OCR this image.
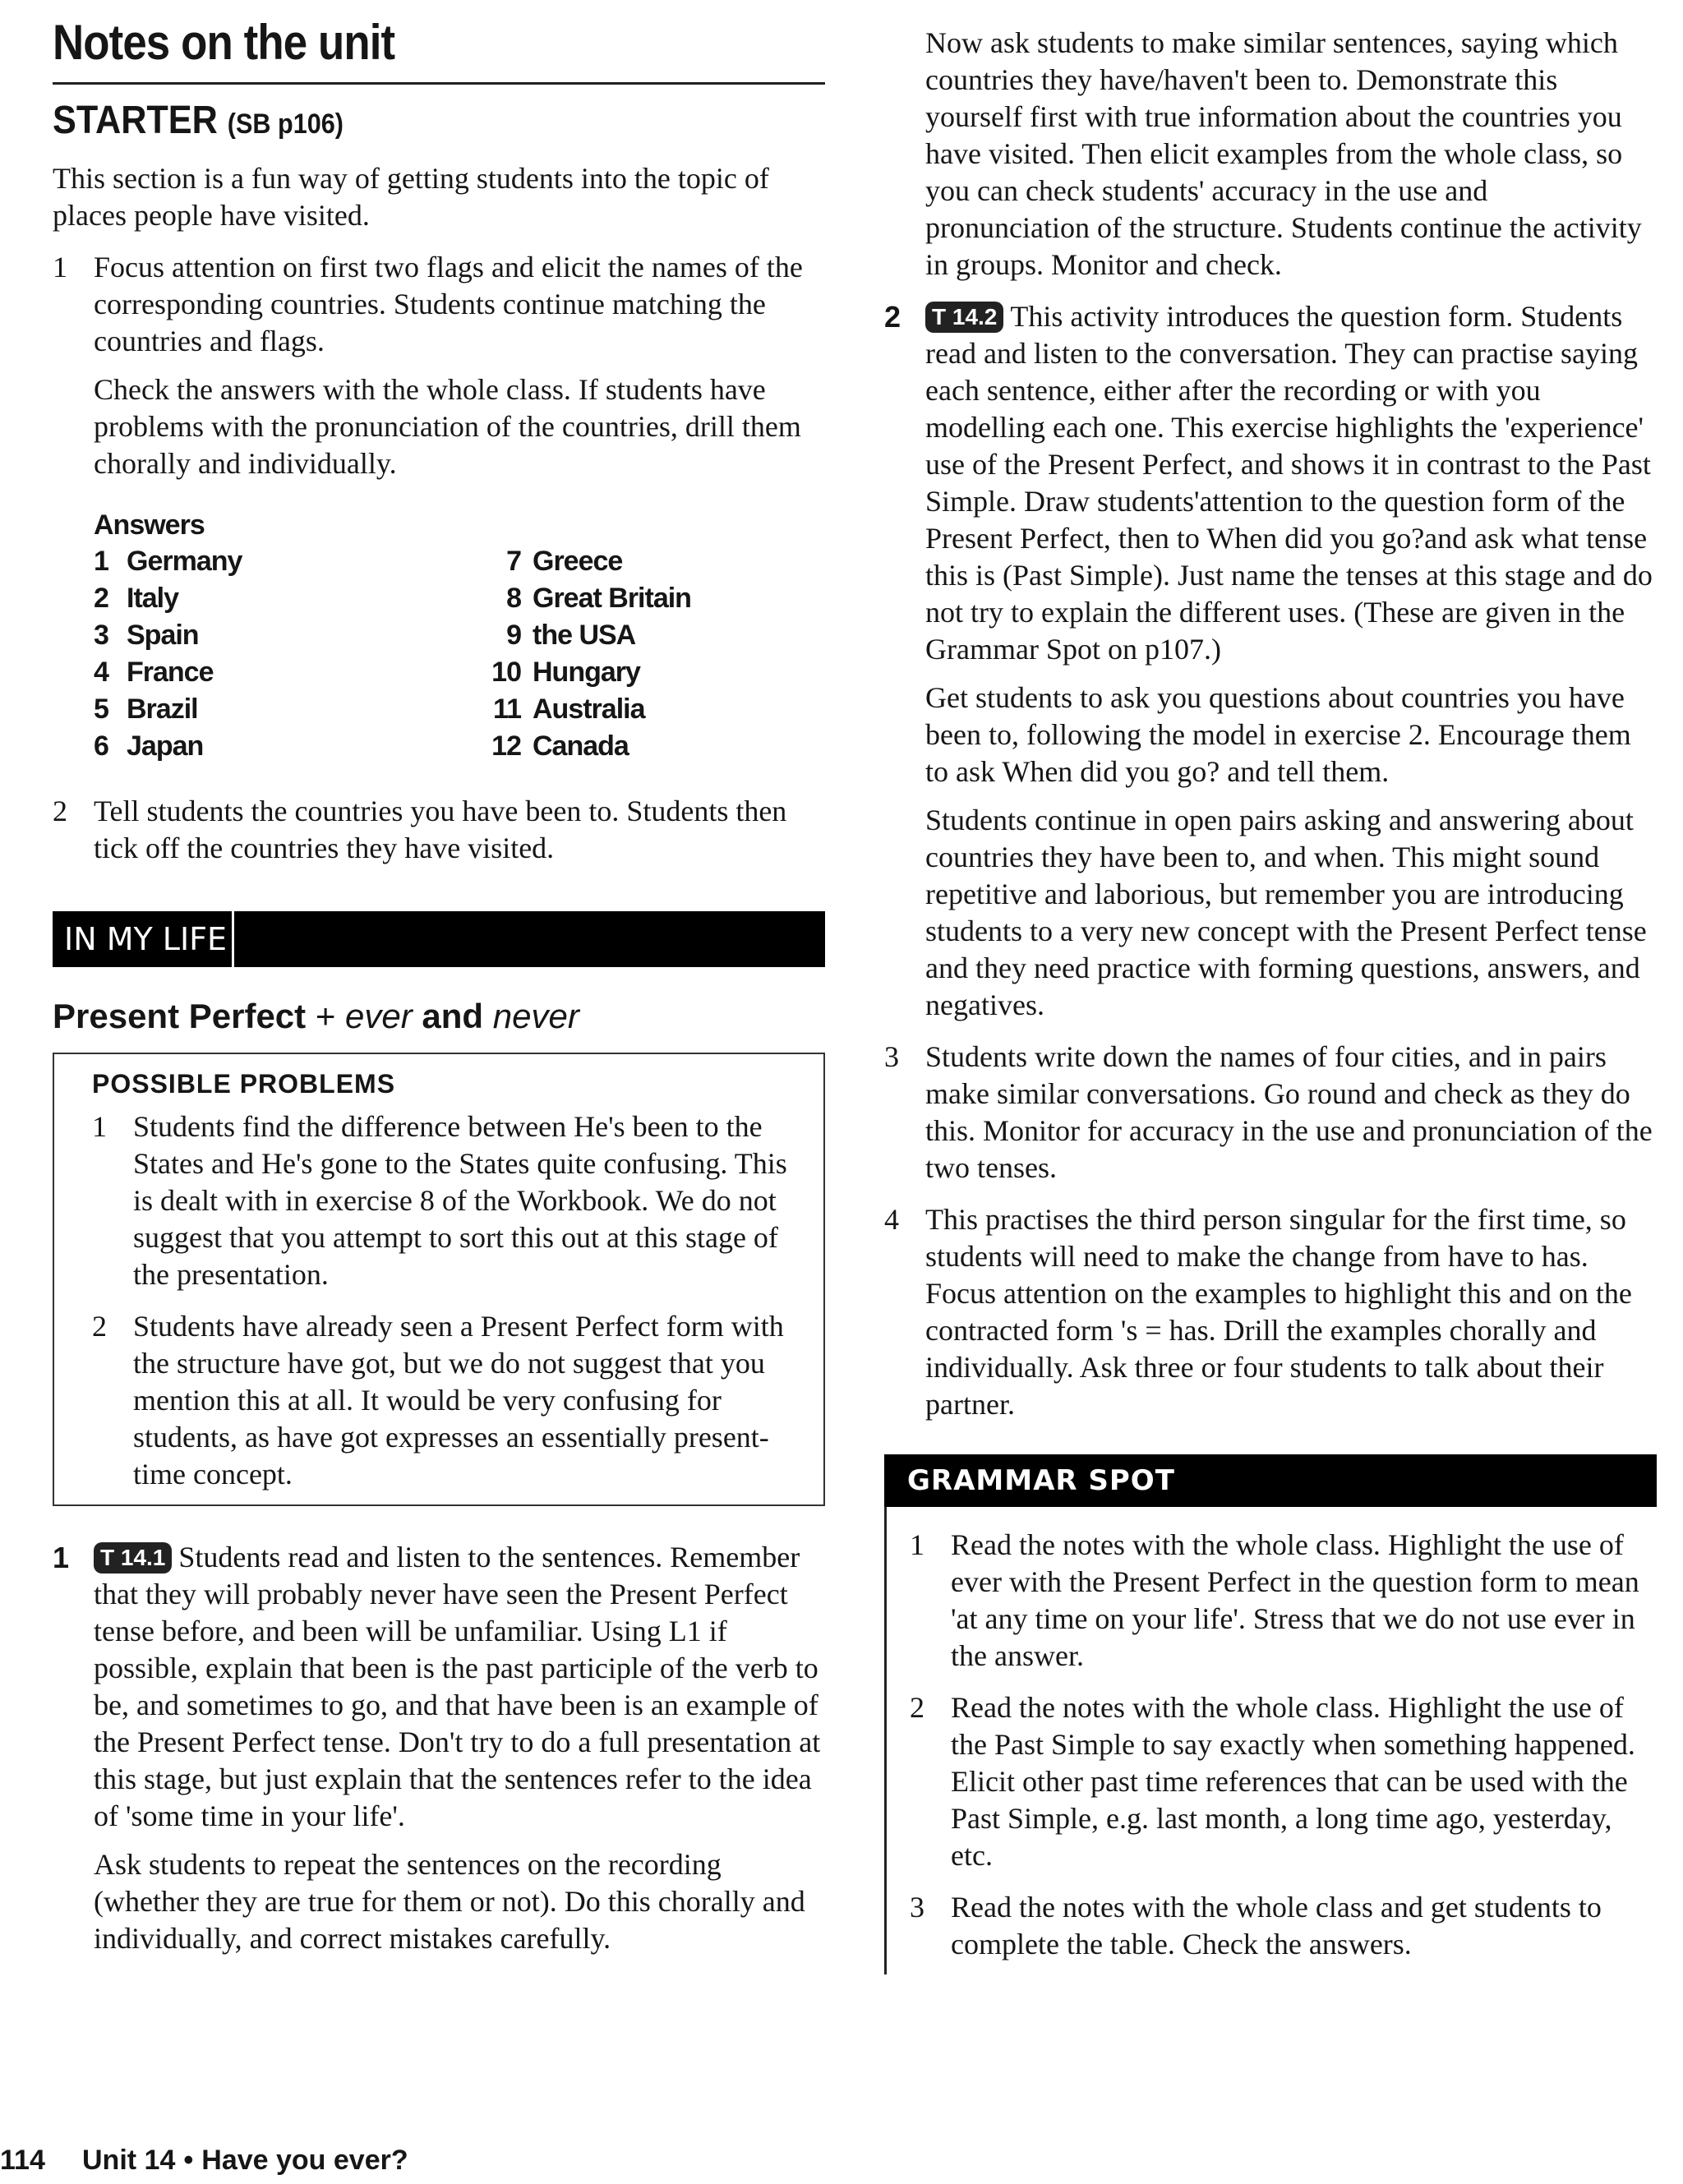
Notes on the unit
STARTER (SB p106)

This section is a fun way of getting students into the topic of places people have visited.

1 Focus attention on first two flags and elicit the names of the corresponding countries. Students continue matching the countries and flags.

Check the answers with the whole class. If students have problems with the pronunciation of the countries, drill them chorally and individually.

Answers
1 Germany	7 Greece
2 Italy	8 Great Britain
3 Spain	9 the USA
4 France	10 Hungary
5 Brazil	11 Australia
6 Japan	12 Canada
2 Tell students the countries you have been to. Students then tick off the countries they have visited.

IN MY LIFE
Present Perfect + ever and never
POSSIBLE PROBLEMS
1 Students find the difference between He's been to the States and He's gone to the States quite confusing. This is dealt with in exercise 8 of the Workbook. We do not suggest that you attempt to sort this out at this stage of the presentation.

2 Students have already seen a Present Perfect form with the structure have got, but we do not suggest that you mention this at all. It would be very confusing for students, as have got expresses an essentially present-time concept.

1	T 14.1 Students read and listen to the sentences. Remember that they will probably never have seen the Present Perfect tense before, and been will be unfamiliar. Using L1 if possible, explain that been is the past participle of the verb to be, and sometimes to go, and that have been is an example of the Present Perfect tense. Don't try to do a full presentation at this stage, but just explain that the sentences refer to the idea of 'some time in your life'.

Ask students to repeat the sentences on the recording (whether they are true for them or not). Do this chorally and individually, and correct mistakes carefully.

Now ask students to make similar sentences, saying which countries they have/haven't been to. Demonstrate this yourself first with true information about the countries you have visited. Then elicit examples from the whole class, so you can check students' accuracy in the use and pronunciation of the structure. Students continue the activity in groups. Monitor and check.

2	T 14.2 This activity introduces the question form. Students read and listen to the conversation. They can practise saying each sentence, either after the recording or with you modelling each one. This exercise highlights the 'experience' use of the Present Perfect, and shows it in contrast to the Past Simple. Draw students'attention to the question form of the Present Perfect, then to When did you go?and ask what tense this is (Past Simple). Just name the tenses at this stage and do not try to explain the different uses. (These are given in the Grammar Spot on p107.)

Get students to ask you questions about countries you have been to, following the model in exercise 2. Encourage them to ask When did you go? and tell them.

Students continue in open pairs asking and answering about countries they have been to, and when. This might sound repetitive and laborious, but remember you are introducing students to a very new concept with the Present Perfect tense and they need practice with forming questions, answers, and negatives.

3 Students write down the names of four cities, and in pairs make similar conversations. Go round and check as they do this. Monitor for accuracy in the use and pronunciation of the two tenses.

4 This practises the third person singular for the first time, so students will need to make the change from have to has. Focus attention on the examples to highlight this and on the contracted form 's = has. Drill the examples chorally and individually. Ask three or four students to talk about their partner.

GRAMMAR SPOT
1 Read the notes with the whole class. Highlight the use of ever with the Present Perfect in the question form to mean 'at any time on your life'. Stress that we do not use ever in the answer.

2 Read the notes with the whole class. Highlight the use of the Past Simple to say exactly when something happened. Elicit other past time references that can be used with the Past Simple, e.g. last month, a long time ago, yesterday, etc.

3 Read the notes with the whole class and get students to complete the table. Check the answers.

114 Unit 14 • Have you ever?
